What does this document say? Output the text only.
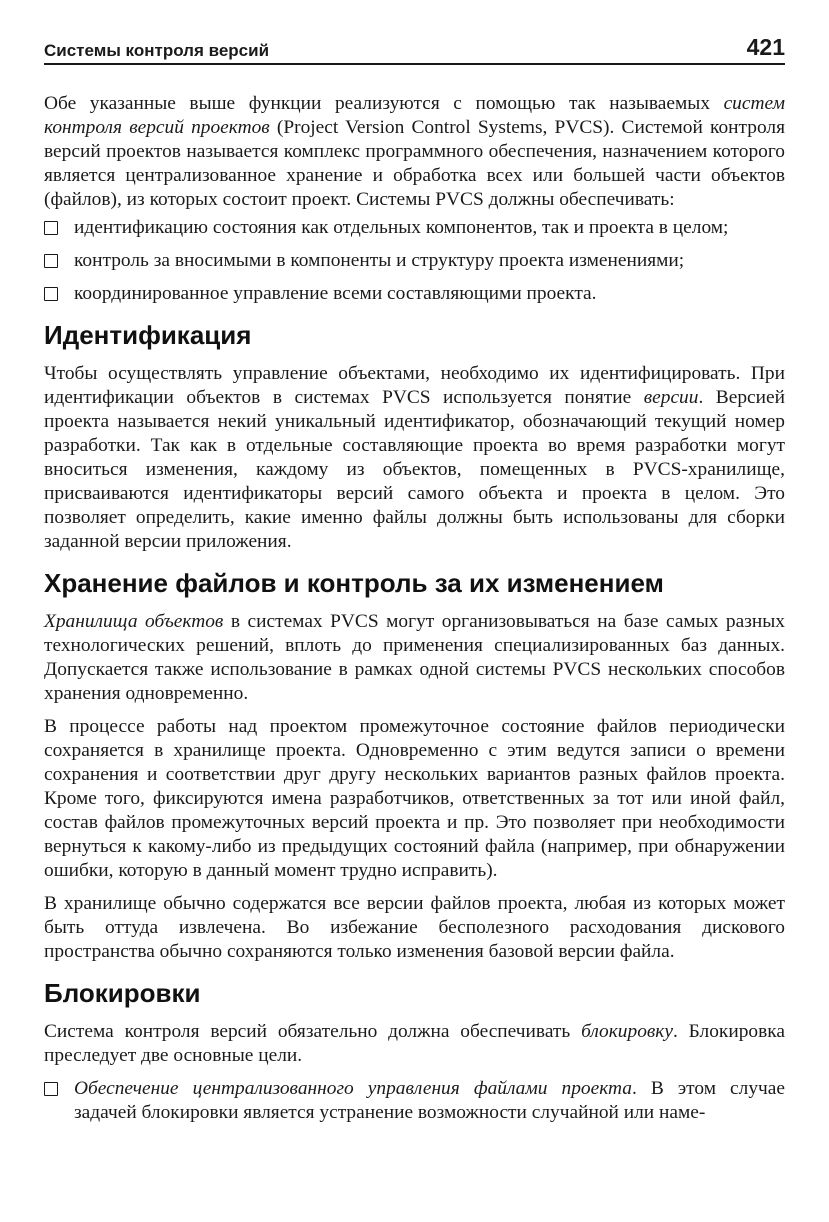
Системы контроля версий	421

Обе указанные выше функции реализуются с помощью так называемых систем контроля версий проектов (Project Version Control Systems, PVCS). Системой контроля версий проектов называется комплекс программного обеспечения, назначением которого является централизованное хранение и обработка всех или большей части объектов (файлов), из которых состоит проект. Системы PVCS должны обеспечивать:

идентификацию состояния как отдельных компонентов, так и проекта в целом;
контроль за вносимыми в компоненты и структуру проекта изменениями;
координированное управление всеми составляющими проекта.
Идентификация

Чтобы осуществлять управление объектами, необходимо их идентифицировать. При идентификации объектов в системах PVCS используется понятие версии. Версией проекта называется некий уникальный идентификатор, обозначающий текущий номер разработки. Так как в отдельные составляющие проекта во время разработки могут вноситься изменения, каждому из объектов, помещенных в PVCS-хранилище, присваиваются идентификаторы версий самого объекта и проекта в целом. Это позволяет определить, какие именно файлы должны быть использованы для сборки заданной версии приложения.

Хранение файлов и контроль за их изменением

Хранилища объектов в системах PVCS могут организовываться на базе самых разных технологических решений, вплоть до применения специализированных баз данных. Допускается также использование в рамках одной системы PVCS нескольких способов хранения одновременно.

В процессе работы над проектом промежуточное состояние файлов периодически сохраняется в хранилище проекта. Одновременно с этим ведутся записи о времени сохранения и соответствии друг другу нескольких вариантов разных файлов проекта. Кроме того, фиксируются имена разработчиков, ответственных за тот или иной файл, состав файлов промежуточных версий проекта и пр. Это позволяет при необходимости вернуться к какому-либо из предыдущих состояний файла (например, при обнаружении ошибки, которую в данный момент трудно исправить).

В хранилище обычно содержатся все версии файлов проекта, любая из которых может быть оттуда извлечена. Во избежание бесполезного расходования дискового пространства обычно сохраняются только изменения базовой версии файла.

Блокировки

Система контроля версий обязательно должна обеспечивать блокировку. Блокировка преследует две основные цели.

Обеспечение централизованного управления файлами проекта. В этом случае задачей блокировки является устранение возможности случайной или наме-
